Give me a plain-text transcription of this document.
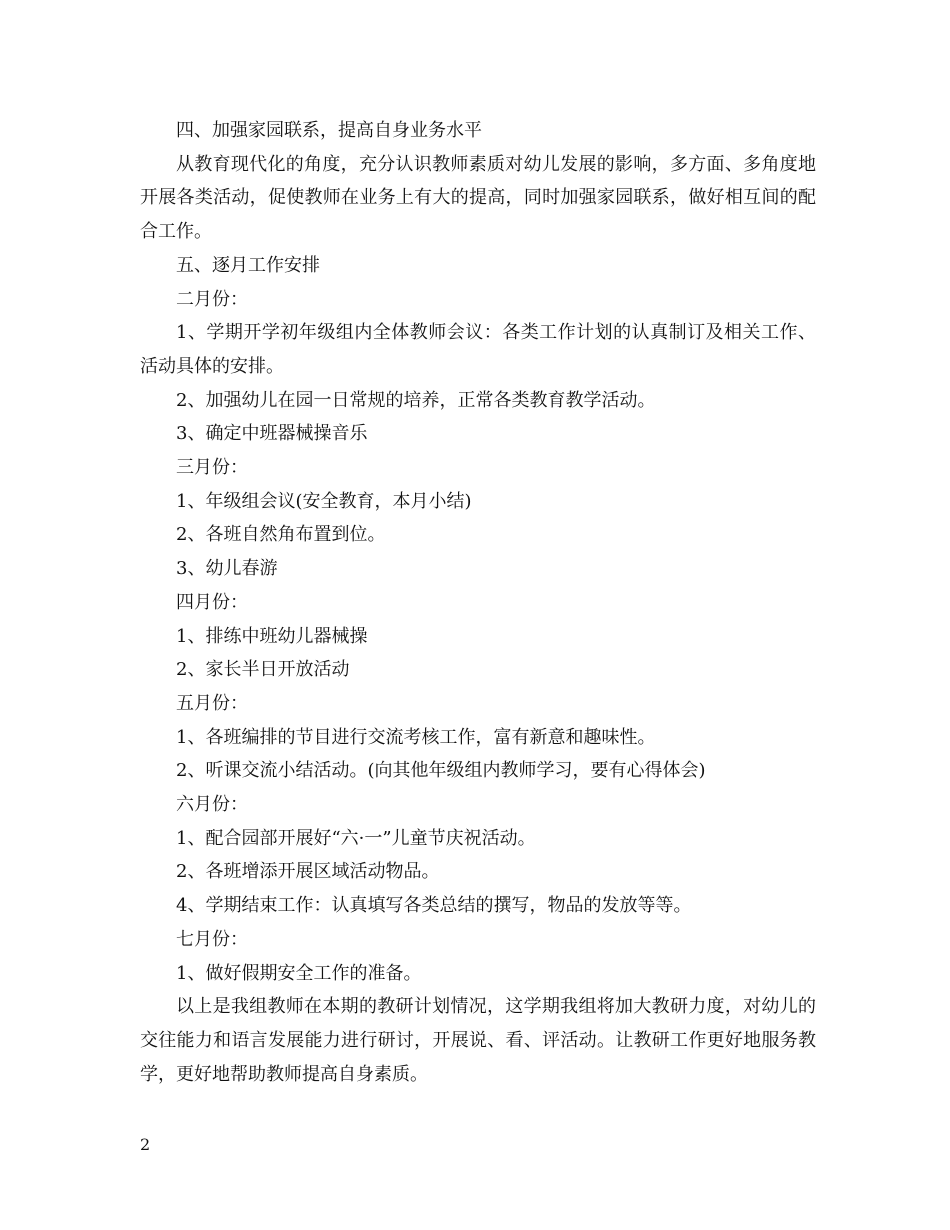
四、加强家园联系，提高自身业务水平

从教育现代化的角度，充分认识教师素质对幼儿发展的影响，多方面、多角度地开展各类活动，促使教师在业务上有大的提高，同时加强家园联系，做好相互间的配合工作。

五、逐月工作安排

二月份：

1、学期开学初年级组内全体教师会议：各类工作计划的认真制订及相关工作、活动具体的安排。

2、加强幼儿在园一日常规的培养，正常各类教育教学活动。

3、确定中班器械操音乐

三月份：

1、年级组会议(安全教育，本月小结)

2、各班自然角布置到位。

3、幼儿春游

四月份：

1、排练中班幼儿器械操

2、家长半日开放活动

五月份：

1、各班编排的节目进行交流考核工作，富有新意和趣味性。

2、听课交流小结活动。(向其他年级组内教师学习，要有心得体会)

六月份：

1、配合园部开展好“六·一”儿童节庆祝活动。

2、各班增添开展区域活动物品。

4、学期结束工作：认真填写各类总结的撰写，物品的发放等等。

七月份：

1、做好假期安全工作的准备。

以上是我组教师在本期的教研计划情况，这学期我组将加大教研力度，对幼儿的交往能力和语言发展能力进行研讨，开展说、看、评活动。让教研工作更好地服务教学，更好地帮助教师提高自身素质。

2
